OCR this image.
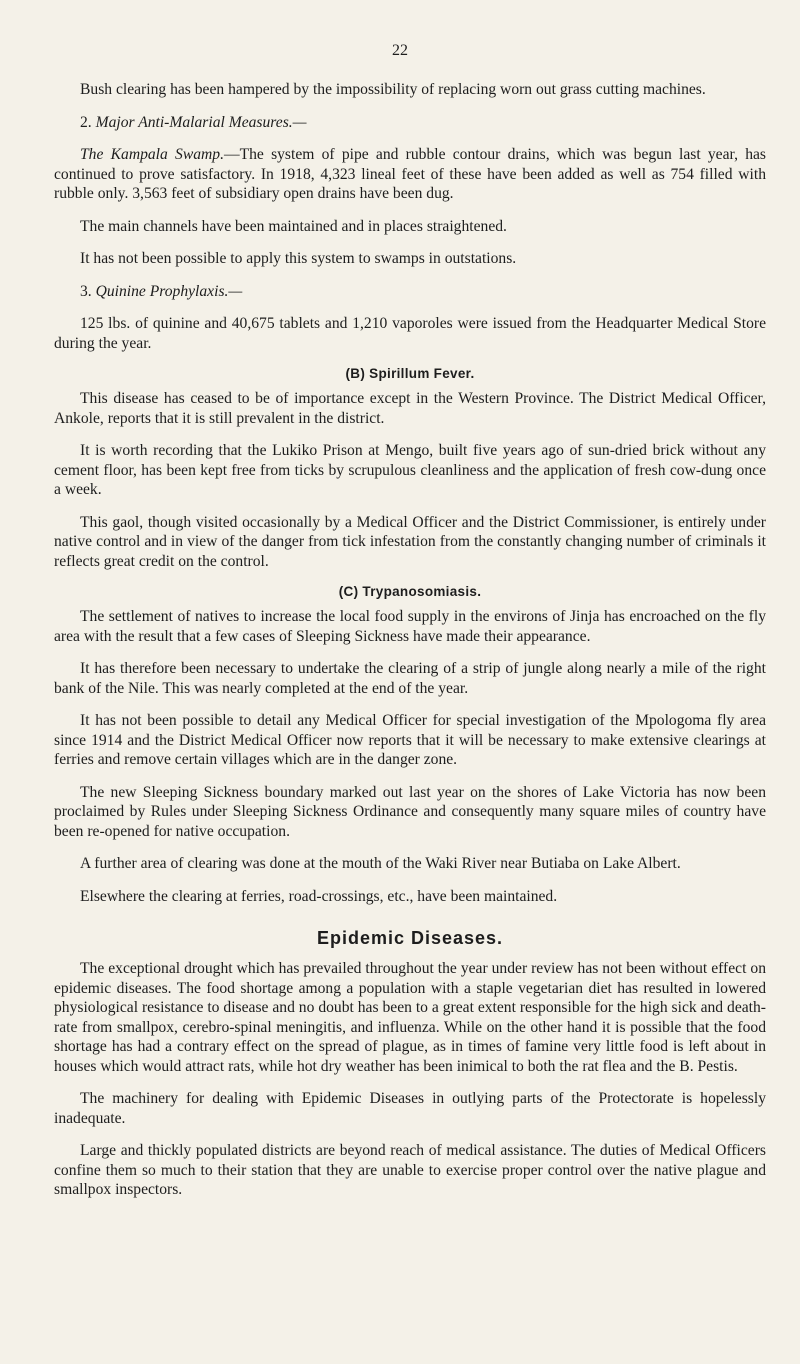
22

Bush clearing has been hampered by the impossibility of replacing worn out grass cutting machines.

2. Major Anti-Malarial Measures.—

The Kampala Swamp.—The system of pipe and rubble contour drains, which was begun last year, has continued to prove satisfactory. In 1918, 4,323 lineal feet of these have been added as well as 754 filled with rubble only. 3,563 feet of subsidiary open drains have been dug.

The main channels have been maintained and in places straightened.

It has not been possible to apply this system to swamps in outstations.

3. Quinine Prophylaxis.—

125 lbs. of quinine and 40,675 tablets and 1,210 vaporoles were issued from the Headquarter Medical Store during the year.

(B) Spirillum Fever.

This disease has ceased to be of importance except in the Western Province. The District Medical Officer, Ankole, reports that it is still prevalent in the district.

It is worth recording that the Lukiko Prison at Mengo, built five years ago of sun-dried brick without any cement floor, has been kept free from ticks by scrupulous cleanliness and the application of fresh cow-dung once a week.

This gaol, though visited occasionally by a Medical Officer and the District Commissioner, is entirely under native control and in view of the danger from tick infestation from the constantly changing number of criminals it reflects great credit on the control.

(C) Trypanosomiasis.

The settlement of natives to increase the local food supply in the environs of Jinja has encroached on the fly area with the result that a few cases of Sleeping Sickness have made their appearance.

It has therefore been necessary to undertake the clearing of a strip of jungle along nearly a mile of the right bank of the Nile. This was nearly completed at the end of the year.

It has not been possible to detail any Medical Officer for special investigation of the Mpologoma fly area since 1914 and the District Medical Officer now reports that it will be necessary to make extensive clearings at ferries and remove certain villages which are in the danger zone.

The new Sleeping Sickness boundary marked out last year on the shores of Lake Victoria has now been proclaimed by Rules under Sleeping Sickness Ordinance and consequently many square miles of country have been re-opened for native occupation.

A further area of clearing was done at the mouth of the Waki River near Butiaba on Lake Albert.

Elsewhere the clearing at ferries, road-crossings, etc., have been maintained.

Epidemic Diseases.

The exceptional drought which has prevailed throughout the year under review has not been without effect on epidemic diseases. The food shortage among a population with a staple vegetarian diet has resulted in lowered physiological resistance to disease and no doubt has been to a great extent responsible for the high sick and death-rate from smallpox, cerebro-spinal meningitis, and influenza. While on the other hand it is possible that the food shortage has had a contrary effect on the spread of plague, as in times of famine very little food is left about in houses which would attract rats, while hot dry weather has been inimical to both the rat flea and the B. Pestis.

The machinery for dealing with Epidemic Diseases in outlying parts of the Protectorate is hopelessly inadequate.

Large and thickly populated districts are beyond reach of medical assistance. The duties of Medical Officers confine them so much to their station that they are unable to exercise proper control over the native plague and smallpox inspectors.
